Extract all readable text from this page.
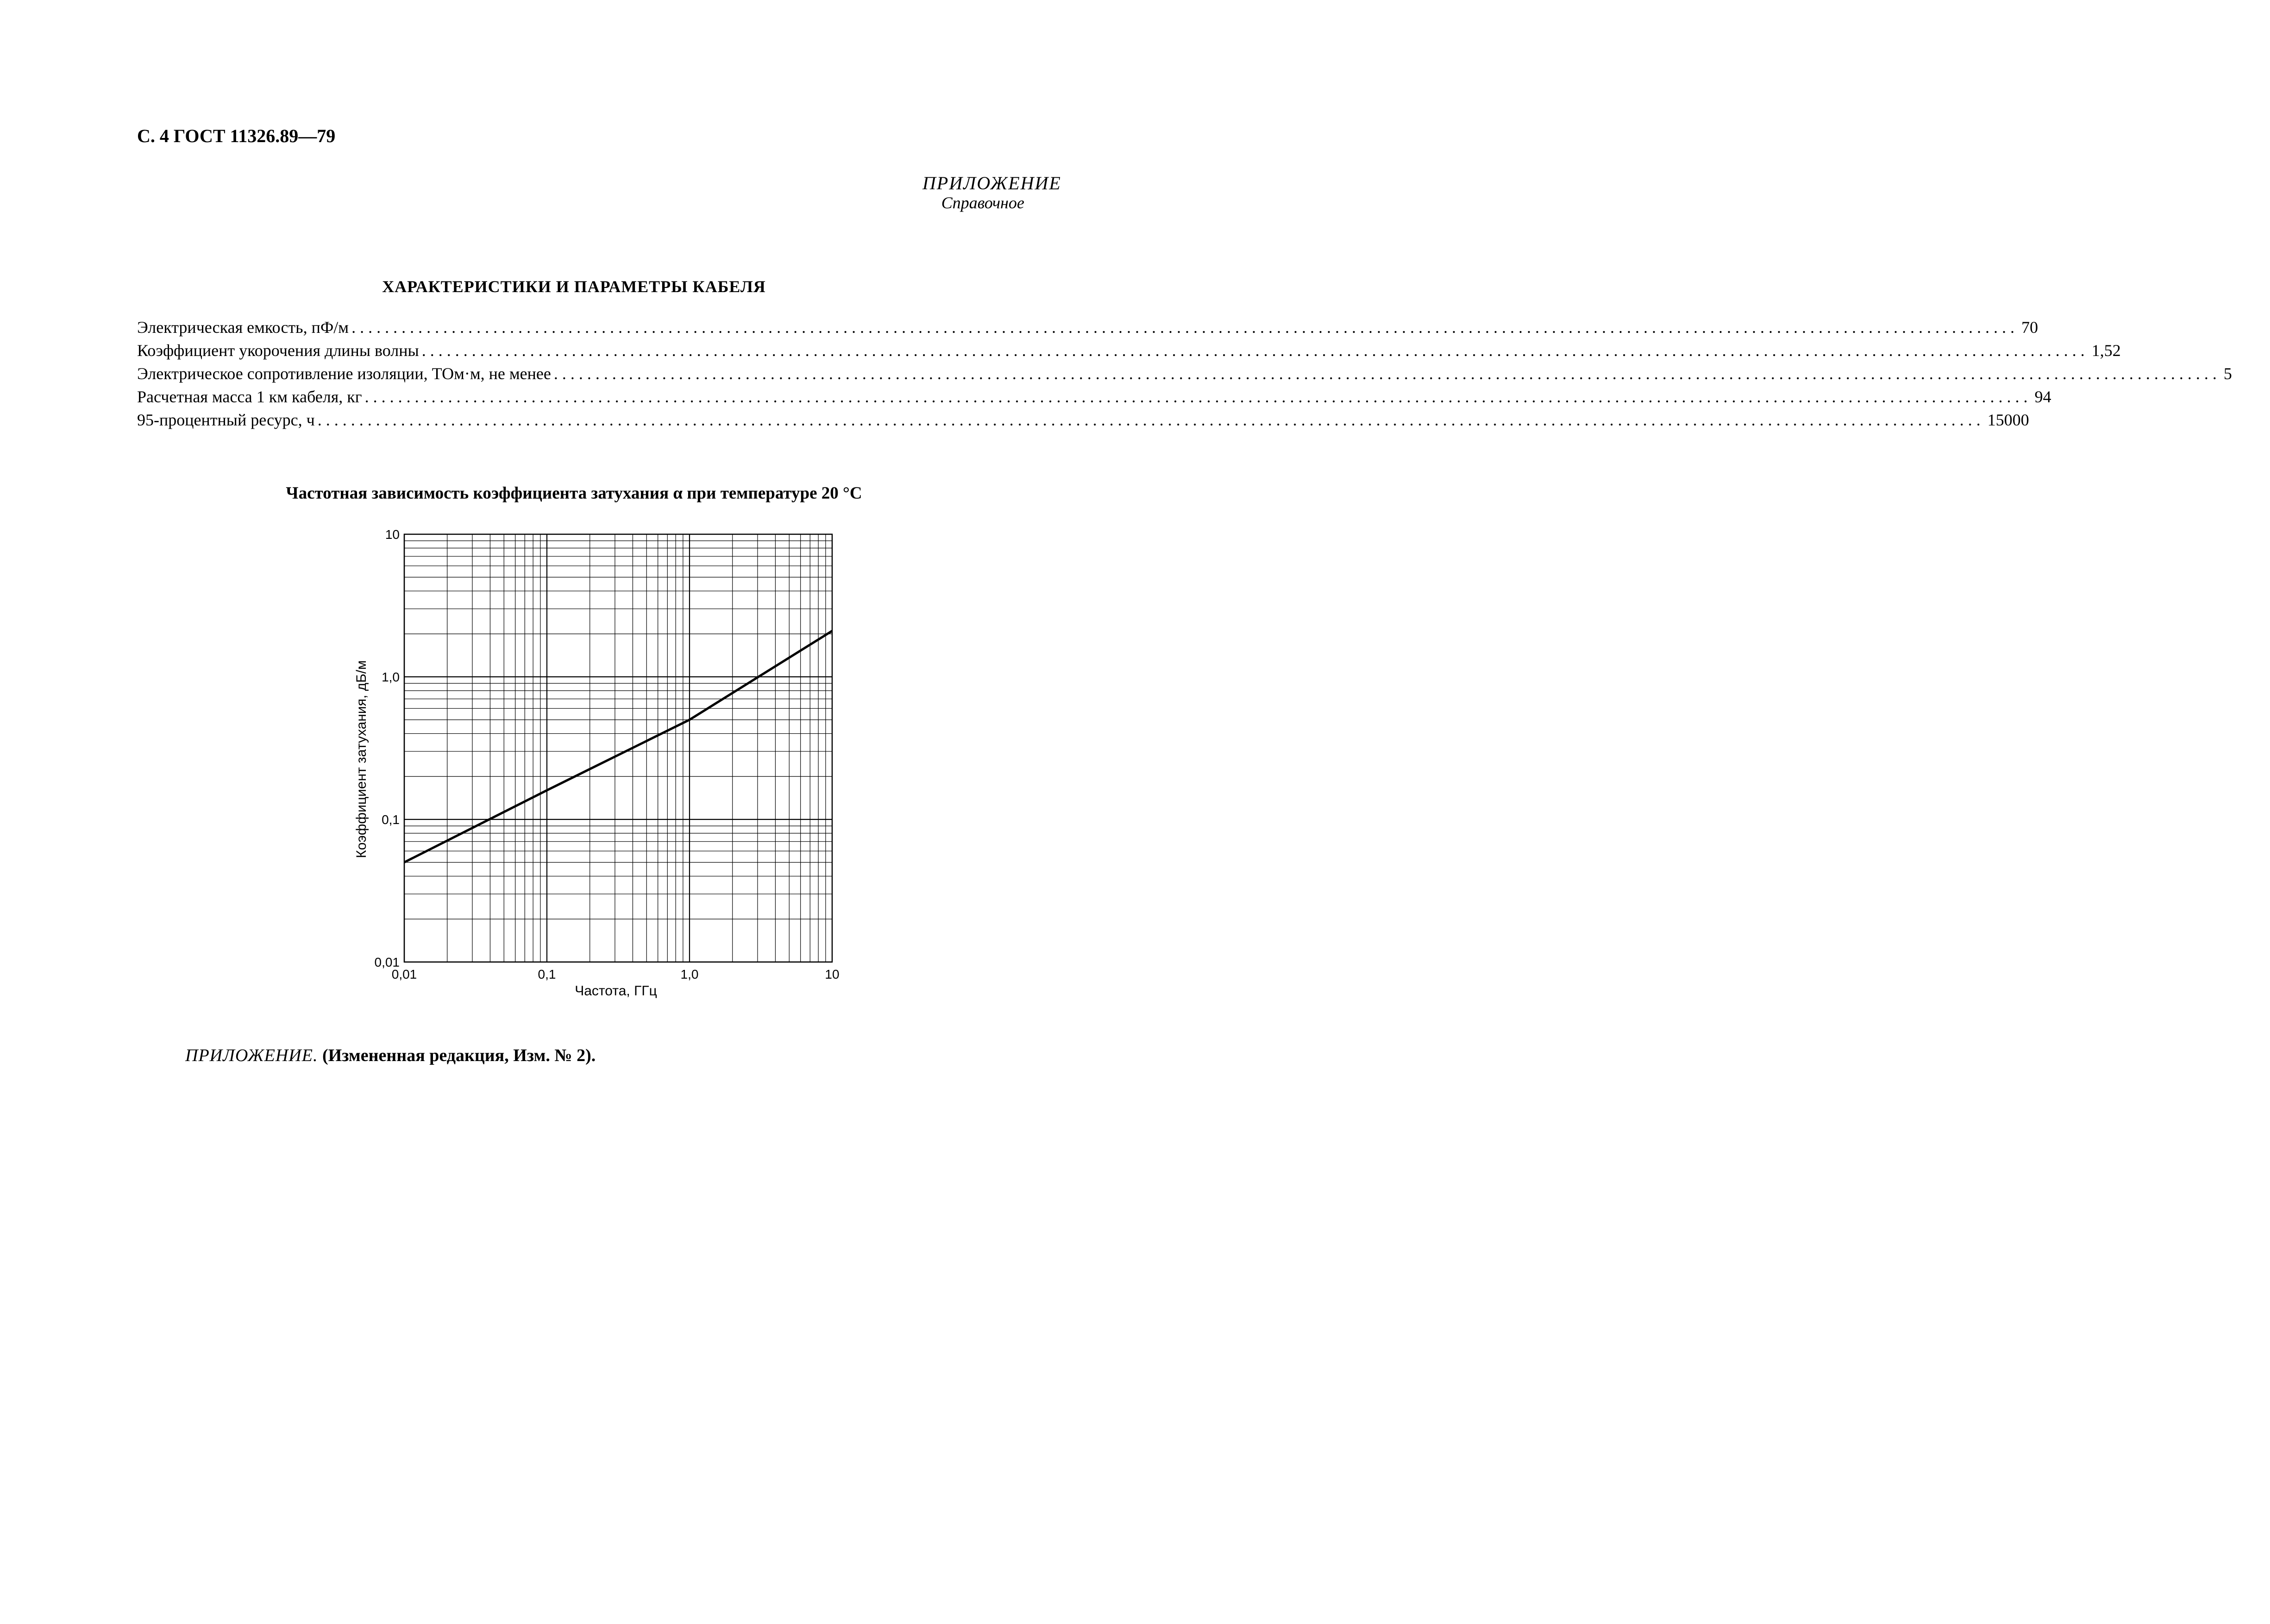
С. 4 ГОСТ 11326.89—79
ПРИЛОЖЕНИЕ
Справочное
ХАРАКТЕРИСТИКИ И ПАРАМЕТРЫ КАБЕЛЯ
Электрическая емкость, пФ/м ........................................................................................................................................................................................................ 70
Коэффициент укорочения длины волны ........................................................................................................................................................................................................ 1,52
Электрическое сопротивление изоляции, ТОм·м, не менее ........................................................................................................................................................................................................ 5
Расчетная масса 1 км кабеля, кг ........................................................................................................................................................................................................ 94
95-процентный ресурс, ч ........................................................................................................................................................................................................ 15000
Частотная зависимость коэффициента затухания α при температуре 20 °С
Частота, ГГц
Коэффициент затухания, дБ/м
0,01	0,1	1,0	10
0,01
0,1
1,0
10
ПРИЛОЖЕНИЕ. (Измененная редакция, Изм. № 2).
